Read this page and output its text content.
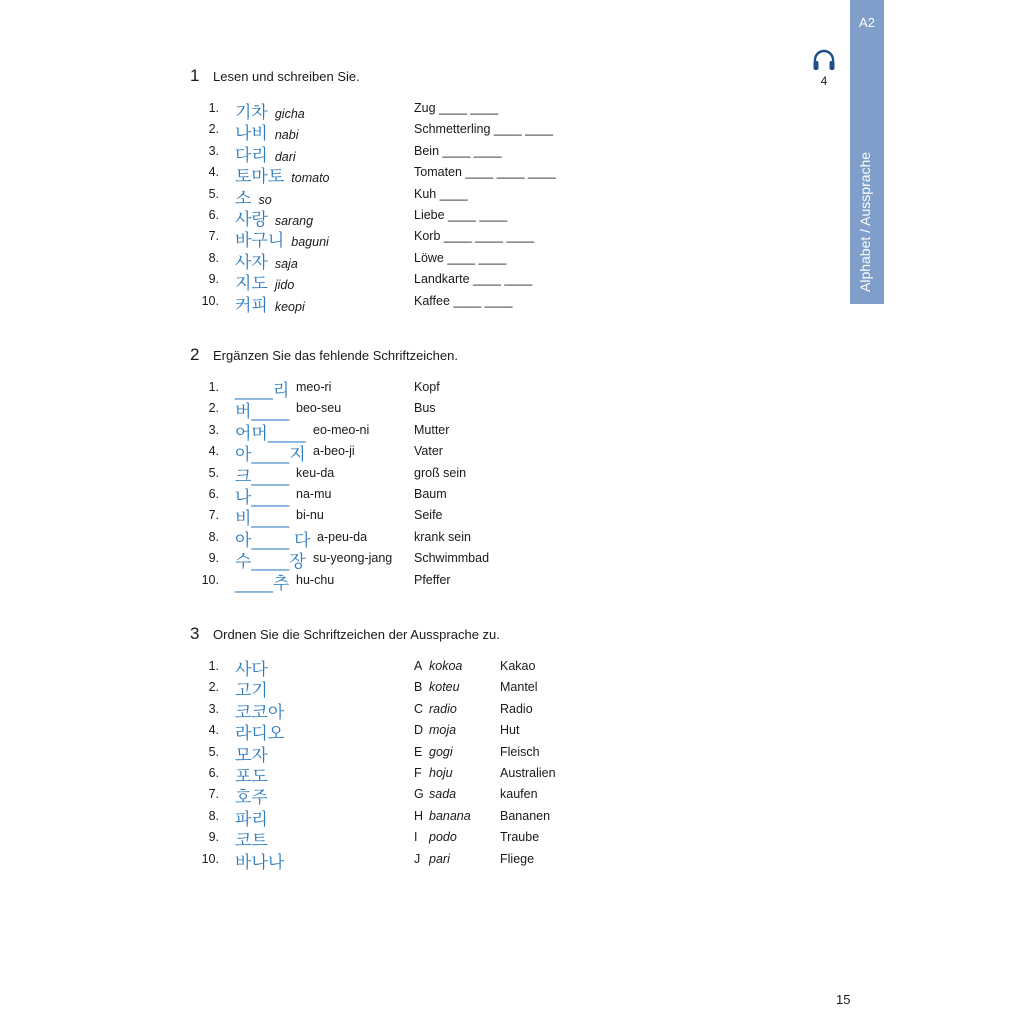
A2
Alphabet / Aussprache
4
1 Lesen und schreiben Sie.
1. 기차 gicha	Zug ____ ____
2. 나비 nabi	Schmetterling ____ ____
3. 다리 dari	Bein ____ ____
4. 토마토 tomato	Tomaten ____ ____ ____
5. 소 so	Kuh ____
6. 사랑 sarang	Liebe ____ ____
7. 바구니 baguni	Korb ____ ____ ____
8. 사자 saja	Löwe ____ ____
9. 지도 jido	Landkarte ____ ____
10. 커피 keopi	Kaffee ____ ____
2 Ergänzen Sie das fehlende Schriftzeichen.
1. ____리 meo-ri	Kopf
2. 버____ beo-seu	Bus
3. 어머____ eo-meo-ni	Mutter
4. 아____지 a-beo-ji	Vater
5. 크____ keu-da	groß sein
6. 나____ na-mu	Baum
7. 비____ bi-nu	Seife
8. 아____ 다 a-peu-da	krank sein
9. 수____장 su-yeong-jang Schwimmbad
10. ____추 hu-chu	Pfeffer
3 Ordnen Sie die Schriftzeichen der Aussprache zu.
1. 사다	A kokoa	Kakao
2. 고기	B koteu	Mantel
3. 코코아	C radio	Radio
4. 라디오	D moja	Hut
5. 모자	E gogi	Fleisch
6. 포도	F hoju	Australien
7. 호주	G sada	kaufen
8. 파리	H banana Bananen
9. 코트	I podo	Traube
10. 바나나	J pari	Fliege
15
